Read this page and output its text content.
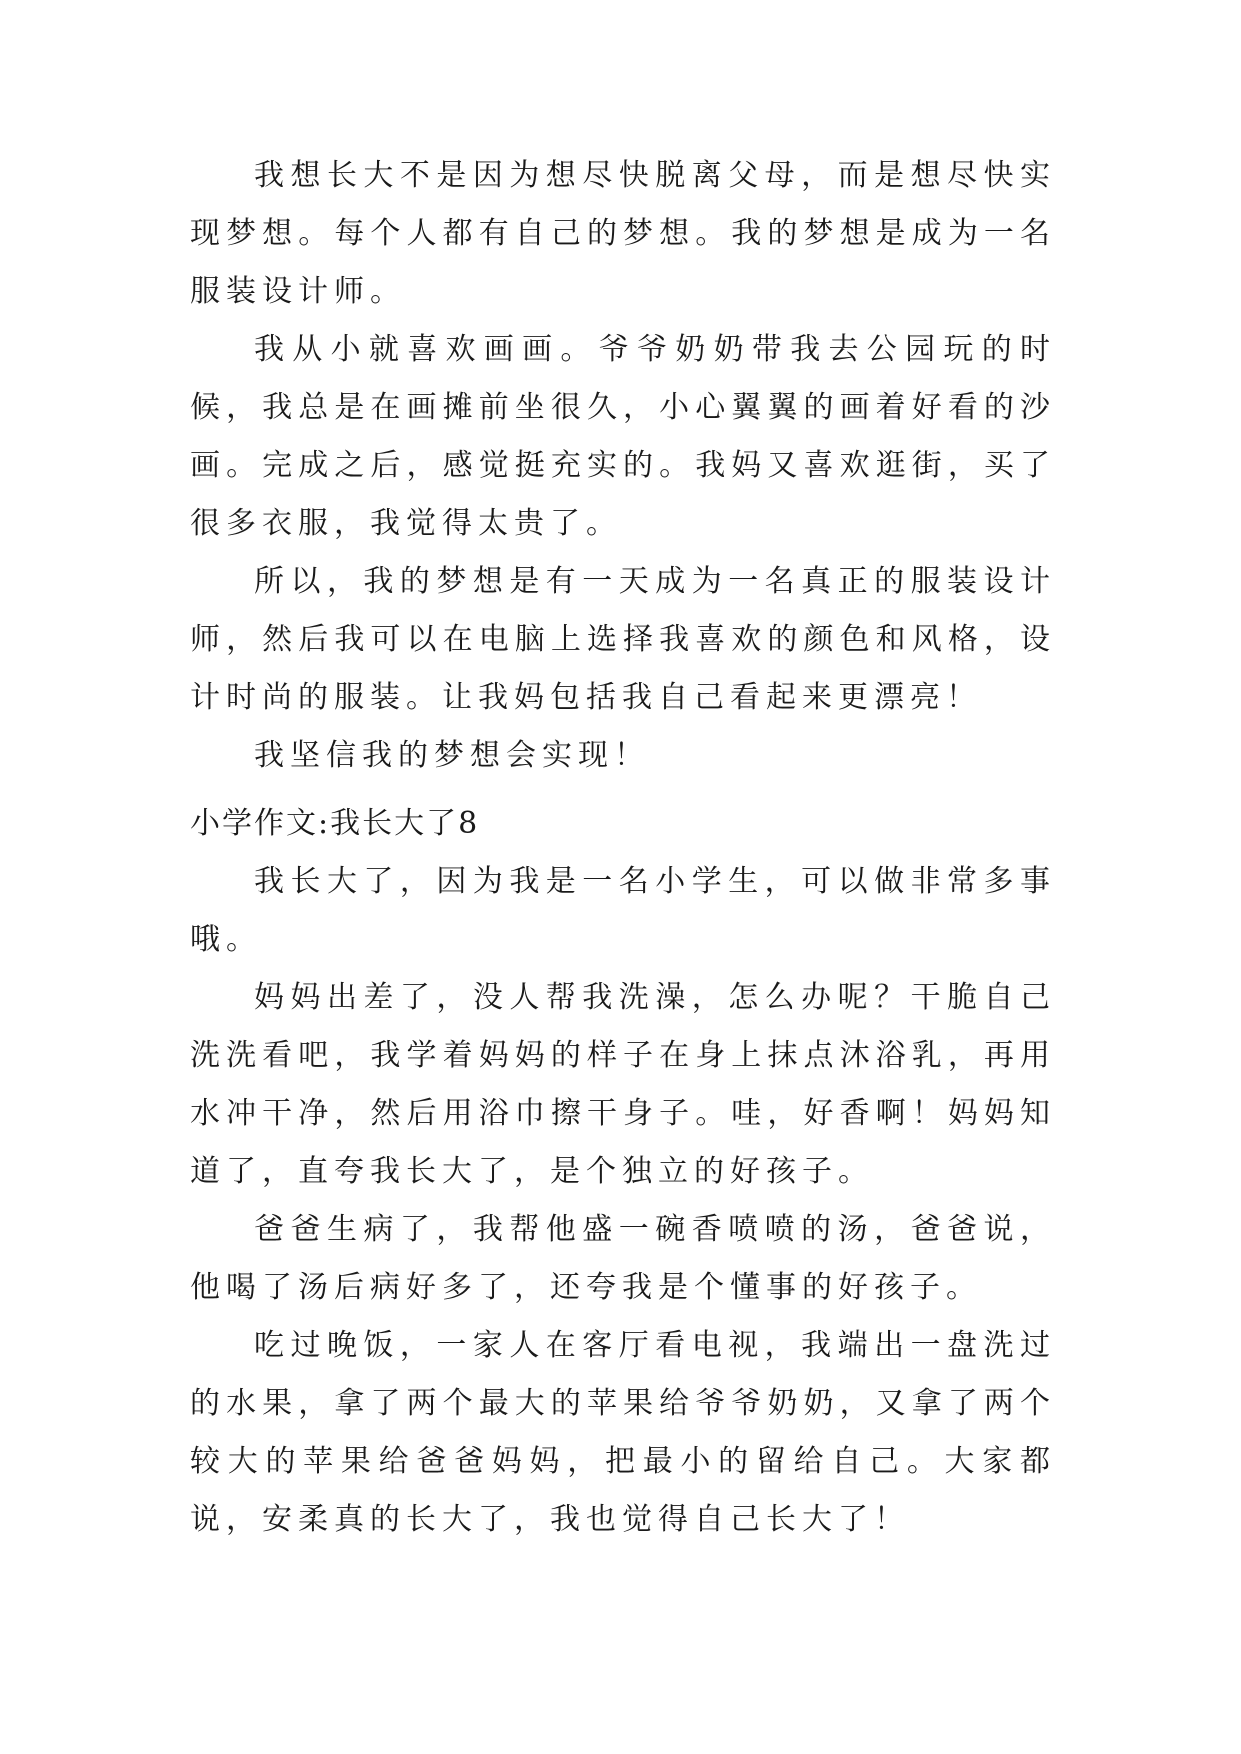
我想长大不是因为想尽快脱离父母，而是想尽快实现梦想。每个人都有自己的梦想。我的梦想是成为一名服装设计师。

我从小就喜欢画画。爷爷奶奶带我去公园玩的时候，我总是在画摊前坐很久，小心翼翼的画着好看的沙画。完成之后，感觉挺充实的。我妈又喜欢逛街，买了很多衣服，我觉得太贵了。

所以，我的梦想是有一天成为一名真正的服装设计师，然后我可以在电脑上选择我喜欢的颜色和风格，设计时尚的服装。让我妈包括我自己看起来更漂亮！

我坚信我的梦想会实现！

小学作文:我长大了8

我长大了，因为我是一名小学生，可以做非常多事哦。

妈妈出差了，没人帮我洗澡，怎么办呢？干脆自己洗洗看吧，我学着妈妈的样子在身上抹点沐浴乳，再用水冲干净，然后用浴巾擦干身子。哇，好香啊！妈妈知道了，直夸我长大了，是个独立的好孩子。

爸爸生病了，我帮他盛一碗香喷喷的汤，爸爸说，他喝了汤后病好多了，还夸我是个懂事的好孩子。

吃过晚饭，一家人在客厅看电视，我端出一盘洗过的水果，拿了两个最大的苹果给爷爷奶奶，又拿了两个较大的苹果给爸爸妈妈，把最小的留给自己。大家都说，安柔真的长大了，我也觉得自己长大了！
